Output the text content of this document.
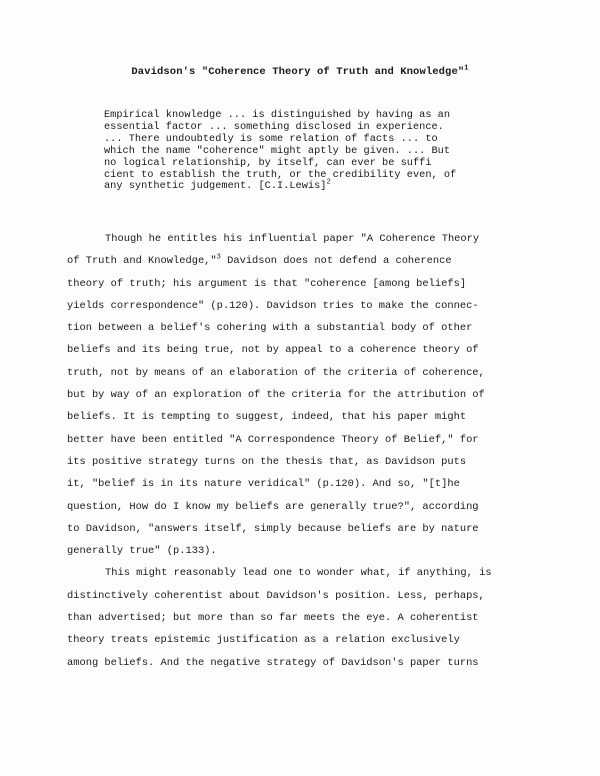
Davidson's "Coherence Theory of Truth and Knowledge"$^1$
Empirical knowledge ... is distinguished by having as an
essential factor ... something disclosed in experience.
... There undoubtedly is some relation of facts ... to
which the name "coherence" might aptly be given. ... But
no logical relationship, by itself, can ever be suffi
cient to establish the truth, or the credibility even, of
any synthetic judgement. [C.I.Lewis]$^2$
Though he entitles his influential paper "A Coherence Theory
of Truth and Knowledge,"$^3$ Davidson does not defend a coherence
theory of truth; his argument is that "coherence [among beliefs]
yields correspondence" (p.120). Davidson tries to make the connec-
tion between a belief's cohering with a substantial body of other
beliefs and its being true, not by appeal to a coherence theory of
truth, not by means of an elaboration of the criteria of coherence,
but by way of an exploration of the criteria for the attribution of
beliefs. It is tempting to suggest, indeed, that his paper might
better have been entitled "A Correspondence Theory of Belief," for
its positive strategy turns on the thesis that, as Davidson puts
it, "belief is in its nature veridical" (p.120). And so, "[t]he
question, How do I know my beliefs are generally true?", according
to Davidson, "answers itself, simply because beliefs are by nature
generally true" (p.133).
This might reasonably lead one to wonder what, if anything, is
distinctively coherentist about Davidson's position. Less, perhaps,
than advertised; but more than so far meets the eye. A coherentist
theory treats epistemic justification as a relation exclusively
among beliefs. And the negative strategy of Davidson's paper turns
